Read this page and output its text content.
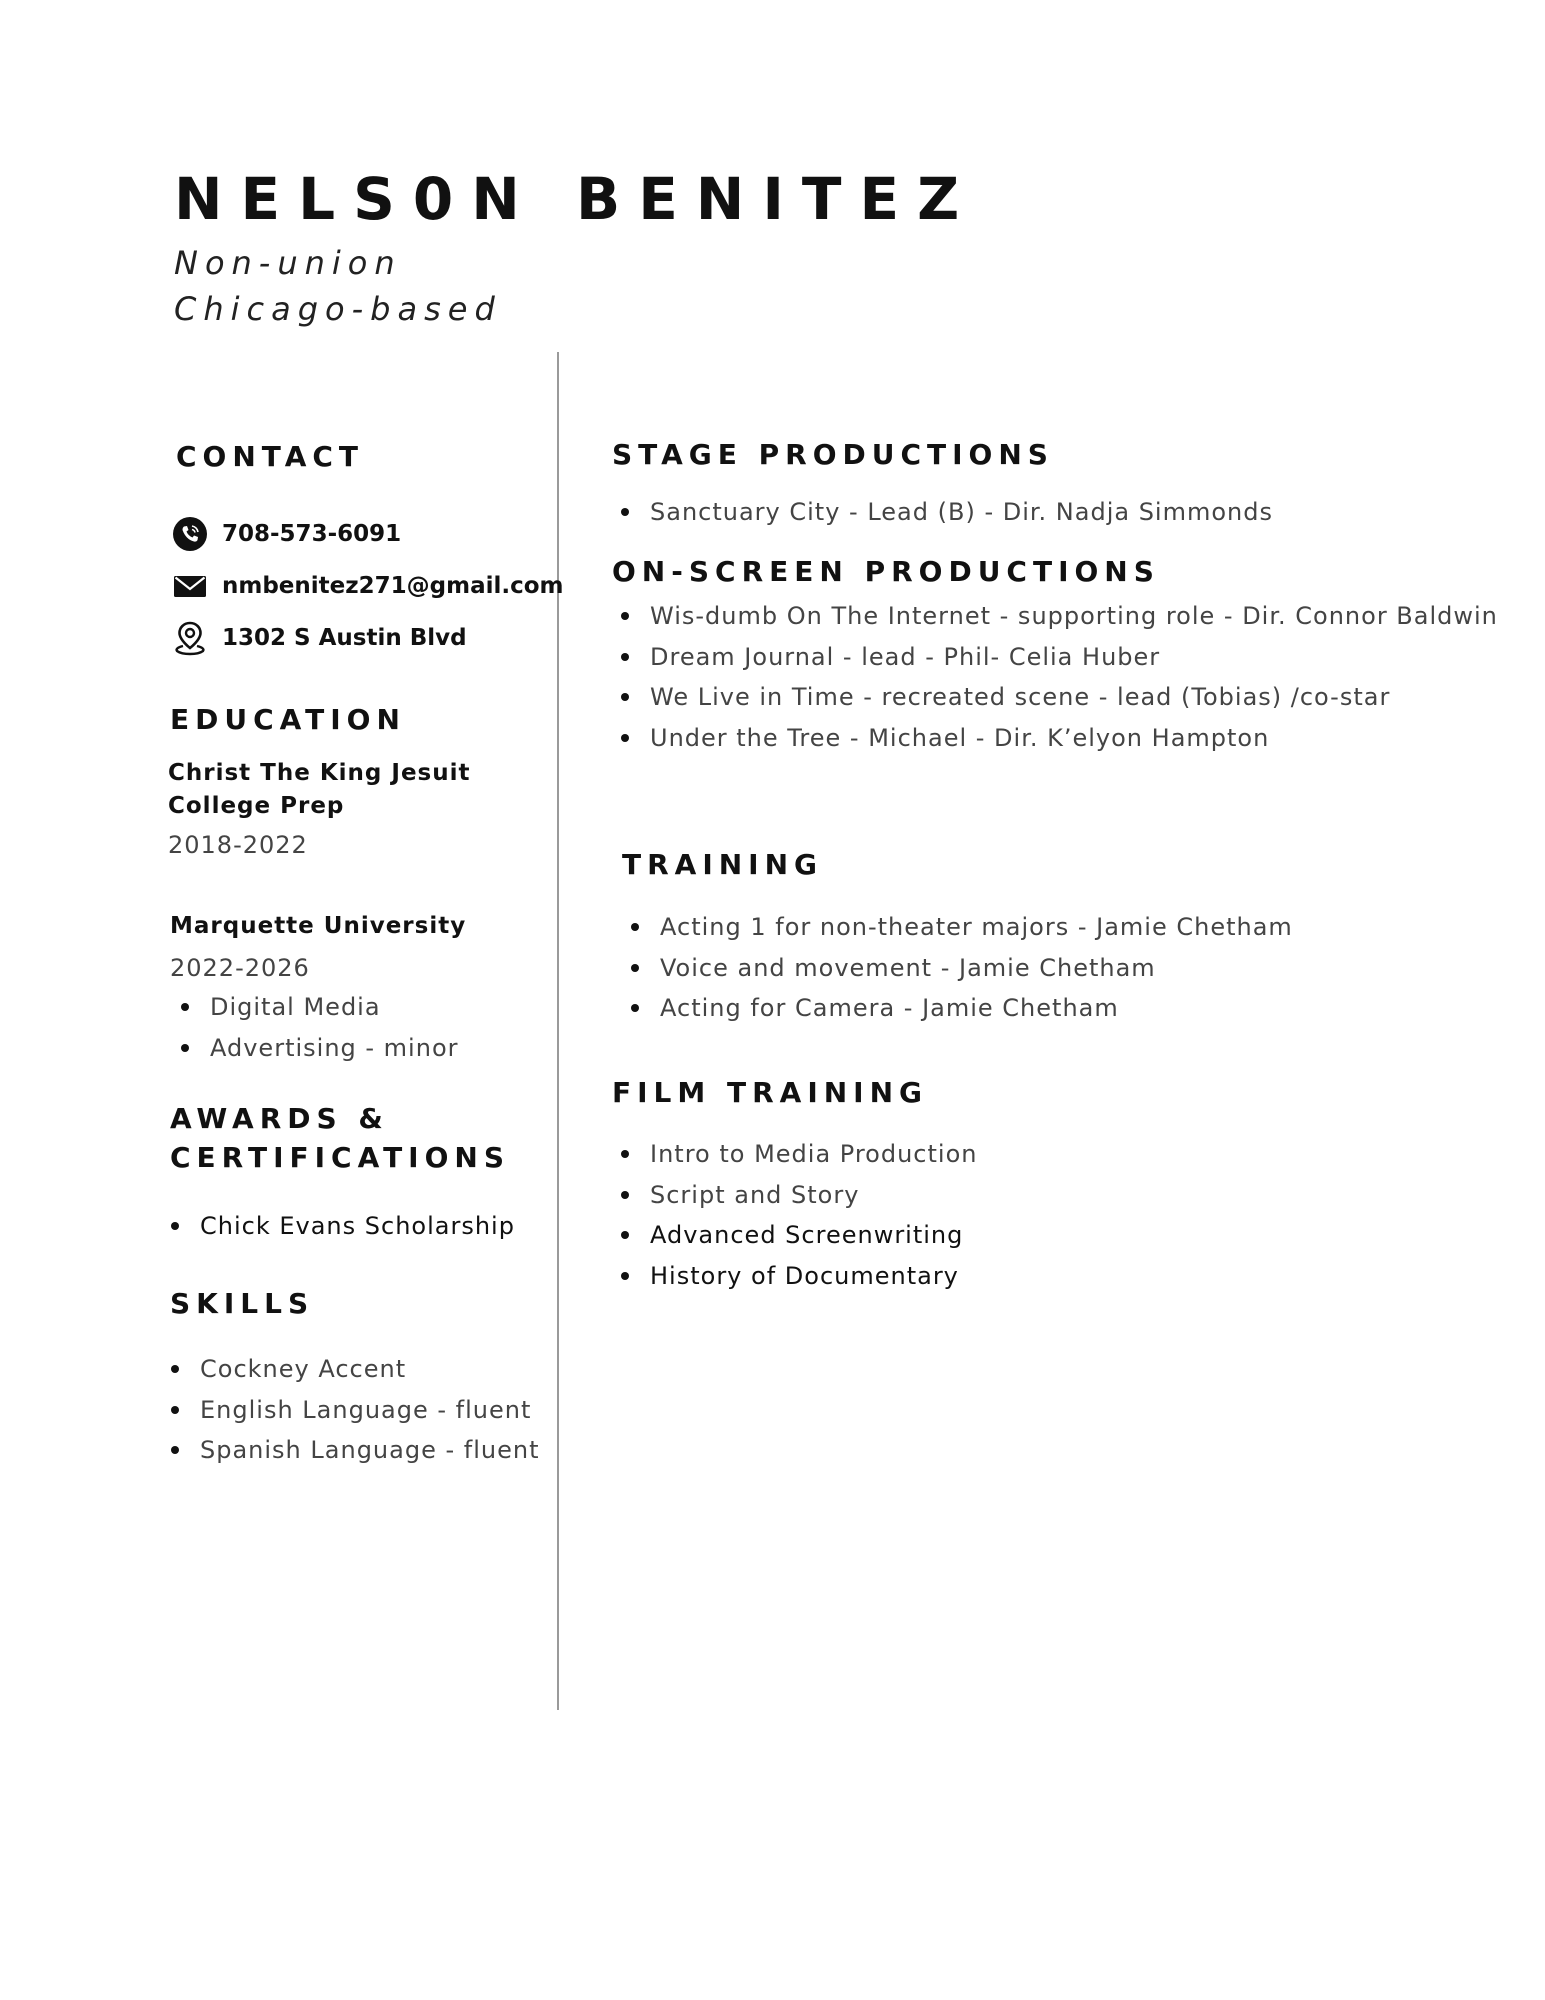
NELS0N BENITEZ
Non-union
Chicago-based
CONTACT
708-573-6091
nmbenitez271@gmail.com
1302 S Austin Blvd
EDUCATION
Christ The King Jesuit College Prep
2018-2022
Marquette University
2022-2026
Digital Media
Advertising - minor
AWARDS &
CERTIFICATIONS
Chick Evans Scholarship
SKILLS
Cockney Accent
English Language - fluent
Spanish Language - fluent
STAGE PRODUCTIONS
Sanctuary City - Lead (B) - Dir. Nadja Simmonds
ON-SCREEN PRODUCTIONS
Wis-dumb On The Internet - supporting role - Dir. Connor Baldwin
Dream Journal - lead - Phil- Celia Huber
We Live in Time - recreated scene - lead (Tobias) /co-star
Under the Tree - Michael - Dir. K’elyon Hampton
TRAINING
Acting 1 for non-theater majors - Jamie Chetham
Voice and movement - Jamie Chetham
Acting for Camera - Jamie Chetham
FILM TRAINING
Intro to Media Production
Script and Story
Advanced Screenwriting
History of Documentary
